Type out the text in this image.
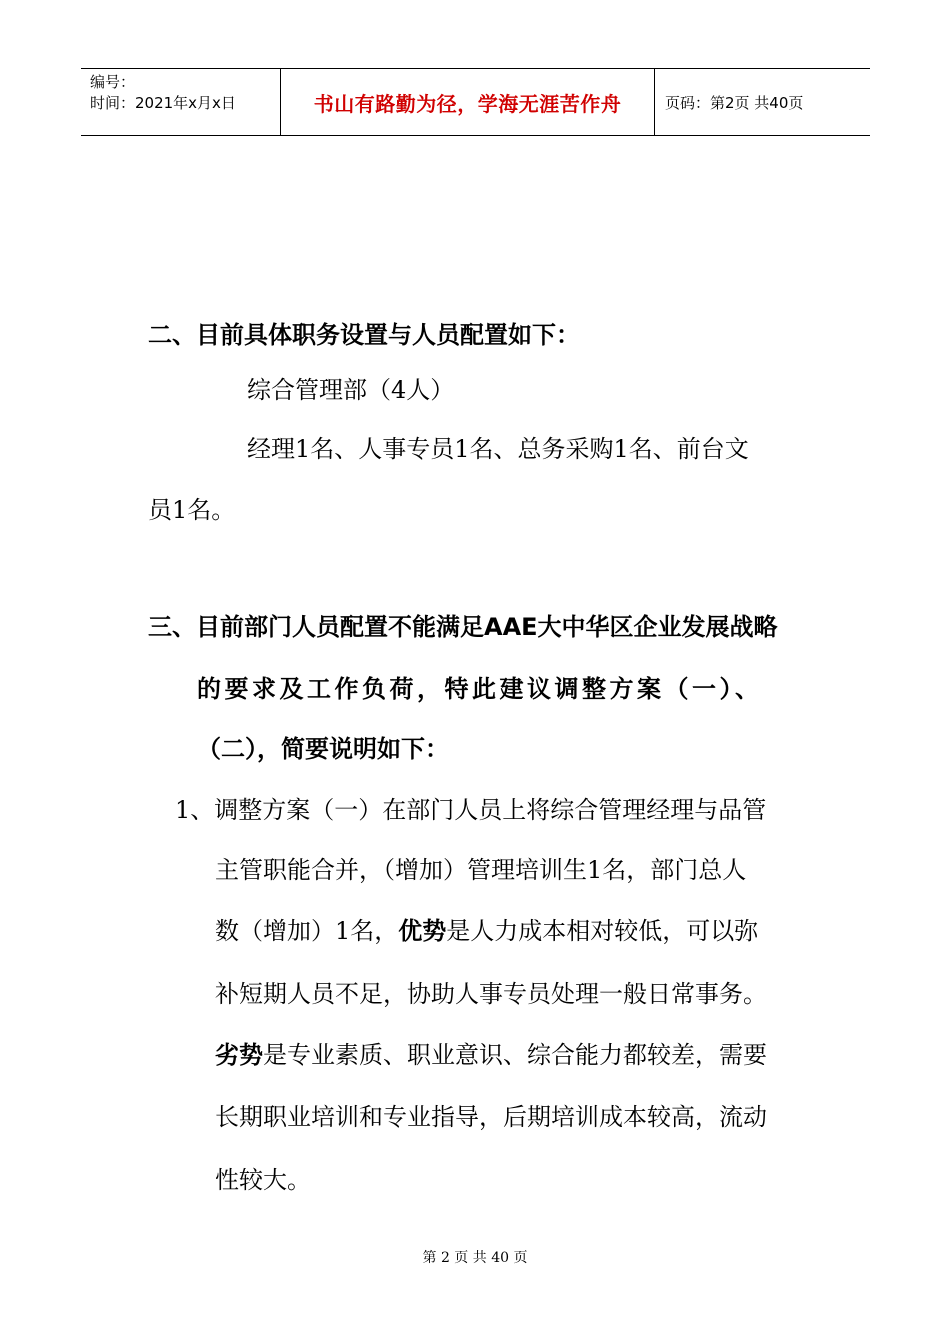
编号：
时间：2021年x月x日	书山有路勤为径，学海无涯苦作舟	页码：第2页 共40页
二、目前具体职务设置与人员配置如下：
综合管理部（4人）
经理1名、人事专员1名、总务采购1名、前台文
员1名。
三、目前部门人员配置不能满足AAE大中华区企业发展战略
的要求及工作负荷，特此建议调整方案（一）、
（二），简要说明如下：
1、调整方案（一）在部门人员上将综合管理经理与品管
主管职能合并，（增加）管理培训生1名，部门总人
数（增加）1名，优势是人力成本相对较低，可以弥
补短期人员不足，协助人事专员处理一般日常事务。
劣势是专业素质、职业意识、综合能力都较差，需要
长期职业培训和专业指导，后期培训成本较高，流动
性较大。
第 2 页 共 40 页
